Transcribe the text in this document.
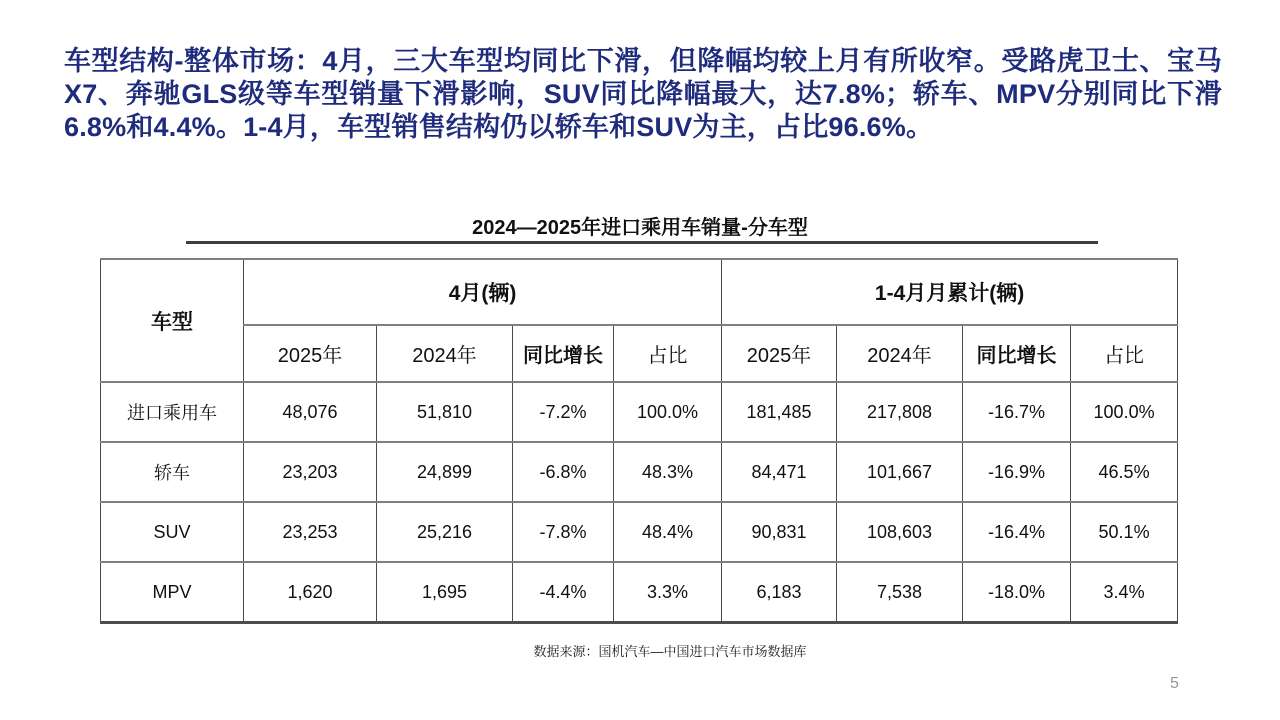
车型结构-整体市场：4月，三大车型均同比下滑，但降幅均较上月有所收窄。受路虎卫士、宝马X7、奔驰GLS级等车型销量下滑影响，SUV同比降幅最大，达7.8%；轿车、MPV分别同比下滑6.8%和4.4%。1-4月，车型销售结构仍以轿车和SUV为主，占比96.6%。
2024—2025年进口乘用车销量-分车型
车型	4月(辆)				1-4月月累计(辆)			
	2025年	2024年	同比增长	占比	2025年	2024年	同比增长	占比
进口乘用车	48,076	51,810	-7.2%	100.0%	181,485	217,808	-16.7%	100.0%
轿车	23,203	24,899	-6.8%	48.3%	84,471	101,667	-16.9%	46.5%
SUV	23,253	25,216	-7.8%	48.4%	90,831	108,603	-16.4%	50.1%
MPV	1,620	1,695	-4.4%	3.3%	6,183	7,538	-18.0%	3.4%
数据来源：国机汽车—中国进口汽车市场数据库
5
